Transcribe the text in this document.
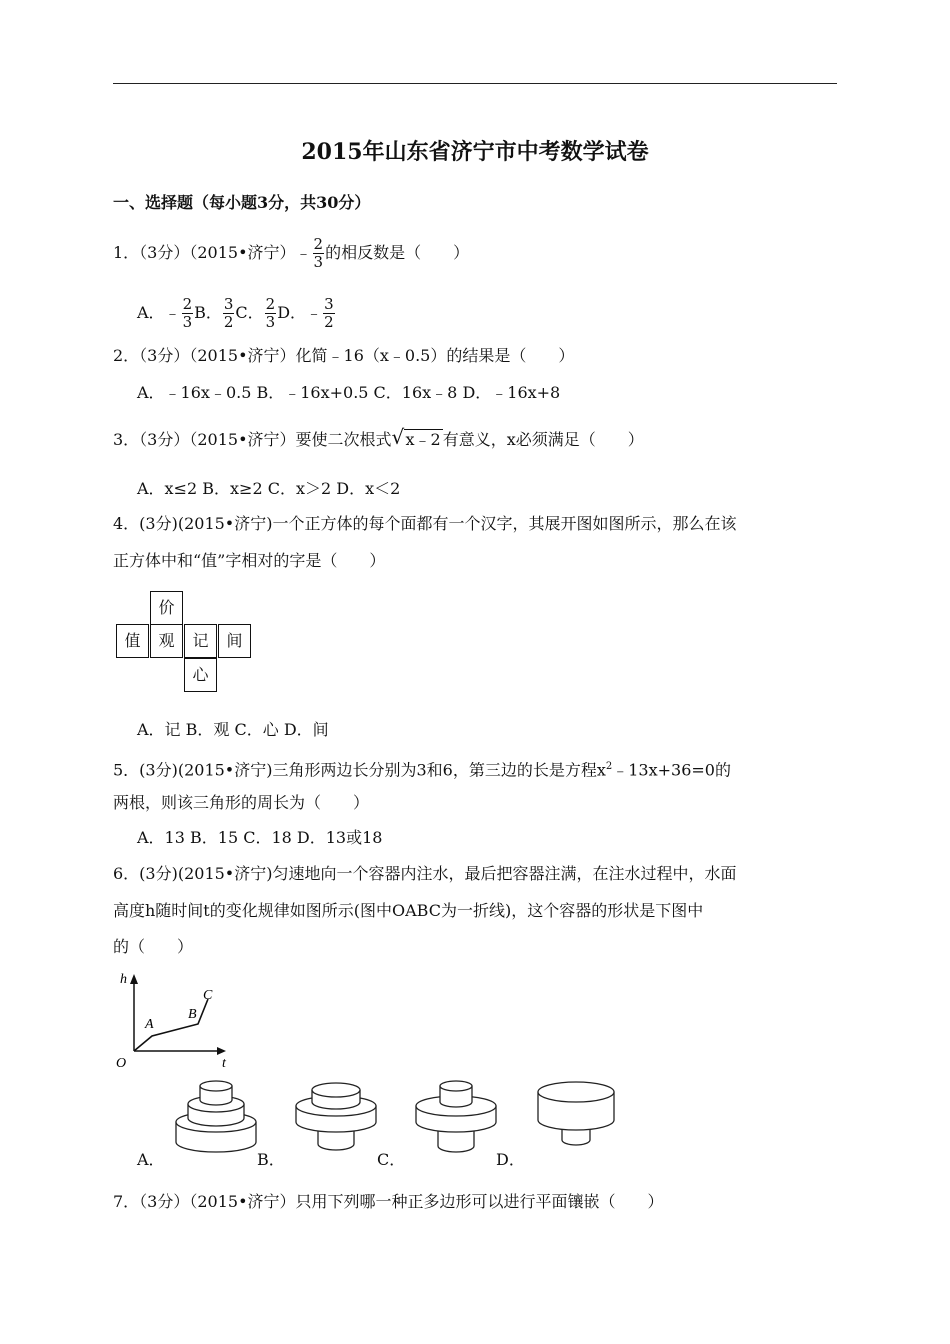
2015年山东省济宁市中考数学试卷
一、选择题（每小题3分，共30分）
1．（3分）（2015•济宁）﹣ $\frac{2}{3}$ 的相反数是（　　）
A．﹣ $\frac{2}{3}$ B． $\frac{3}{2}$ C． $\frac{2}{3}$ D．﹣ $\frac{3}{2}$
2．（3分）（2015•济宁）化简﹣16（x﹣0.5）的结果是（　　）
A．﹣16x﹣0.5 B．﹣16x+0.5 C．16x﹣8 D．﹣16x+8
3．（3分）（2015•济宁）要使二次根式 √ x﹣2 有意义，x必须满足（　　）
A．x≤2 B．x≥2 C．x＞2 D．x＜2
4．(3分)(2015•济宁)一个正方体的每个面都有一个汉字，其展开图如图所示，那么在该
正方体中和“值”字相对的字是（　　）
价
值	观	记	间
心
A．记 B．观 C．心 D．间
5．(3分)(2015•济宁)三角形两边长分别为3和6，第三边的长是方程$x^2﹣13x+36=0$的
两根，则该三角形的周长为（　　）
A．13 B．15 C．18 D．13或18
6．(3分)(2015•济宁)匀速地向一个容器内注水，最后把容器注满，在注水过程中，水面
高度h随时间t的变化规律如图所示(图中OABC为一折线)，这个容器的形状是下图中
的（　　）
h
t
O
A
B
C
A．	B．	C．	D．
7．（3分）（2015•济宁）只用下列哪一种正多边形可以进行平面镶嵌（　　）
